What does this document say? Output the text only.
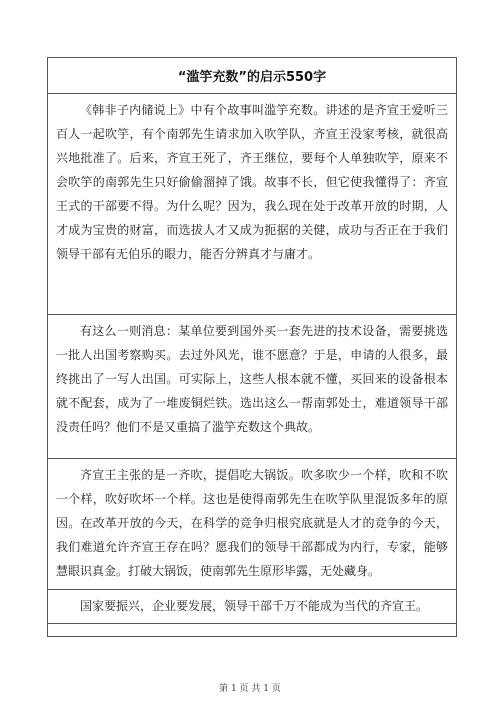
“滥竽充数”的启示550字

《韩非子内储说上》中有个故事叫滥竽充数。讲述的是齐宣王爱听三百人一起吹竽，有个南郭先生请求加入吹竽队，齐宣王没家考核，就很高兴地批准了。后来，齐宣王死了，齐王继位，要每个人单独吹竽，原来不会吹竽的南郭先生只好偷偷溜掉了饿。故事不长，但它使我懂得了：齐宣王式的干部要不得。为什么呢？因为，我么现在处于改革开放的时期，人才成为宝贵的财富，而选拔人才又成为扼据的关健，成功与否正在于我们领导干部有无伯乐的眼力，能否分辨真才与庸才。

有这么一则消息：某单位要到国外买一套先进的技术设备，需要挑选一批人出国考察购买。去过外风光，谁不愿意？于是，申请的人很多，最终挑出了一写人出国。可实际上，这些人根本就不懂，买回来的设备根本就不配套，成为了一堆废铜烂铁。选出这么一帮南郭处士，难道领导干部没责任吗？他们不是又重搞了滥竽充数这个典故。

齐宣王主张的是一齐吹，提倡吃大锅饭。吹多吹少一个样，吹和不吹一个样，吹好吹坏一个样。这也是使得南郭先生在吹竽队里混饭多年的原因。在改革开放的今天，在科学的竞争归根究底就是人才的竞争的今天，我们难道允许齐宣王存在吗？愿我们的领导干部都成为内行，专家，能够慧眼识真金。打破大锅饭，使南郭先生原形毕露，无处藏身。

国家要振兴，企业要发展，领导干部千万不能成为当代的齐宣王。

第 1 页 共 1 页
